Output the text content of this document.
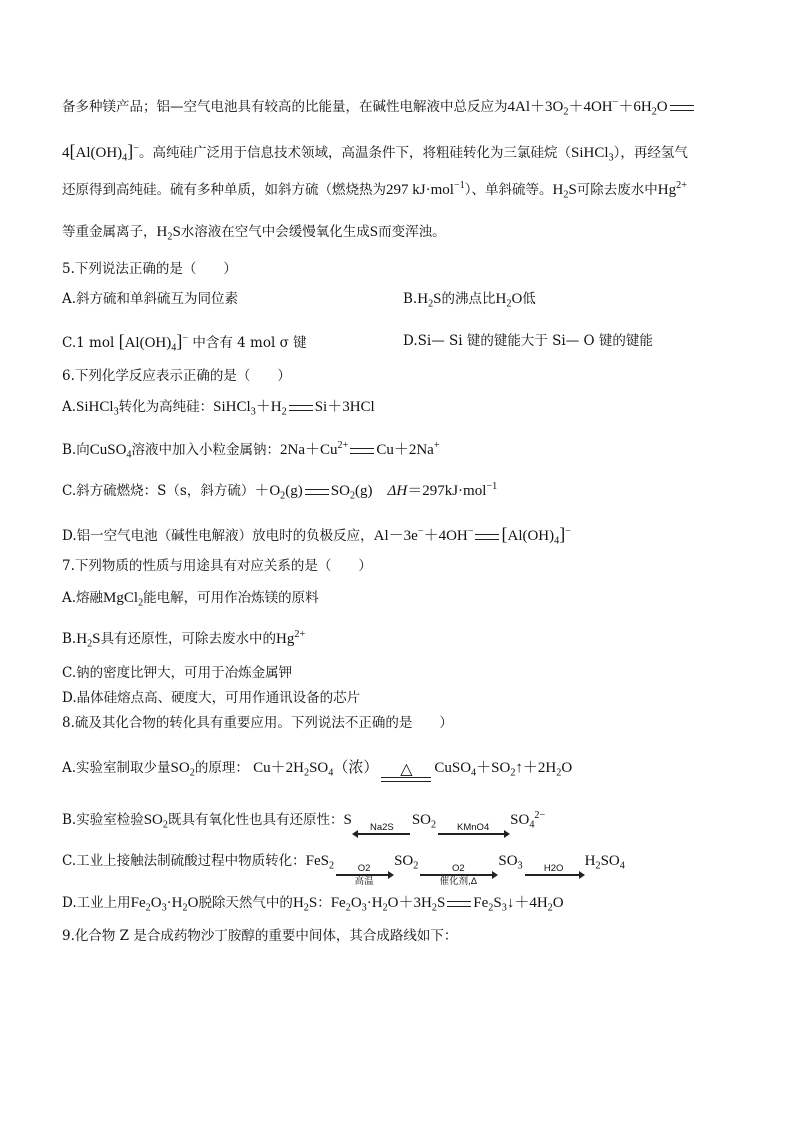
备多种镁产品；铝—空气电池具有较高的比能量，在碱性电解液中总反应为$4Al+3O_2+4OH^-+6H_2O$
$4[Al(OH)_4]^-$。高纯硅广泛用于信息技术领域，高温条件下，将粗硅转化为三氯硅烷（SiHCl$_3$），再经氢气
还原得到高纯硅。硫有多种单质，如斜方硫（燃烧热为297 kJ·mol$^{-1}$）、单斜硫等。$H_2S$可除去废水中$Hg^{2+}$
等重金属离子，$H_2S$水溶液在空气中会缓慢氧化生成S而变浑浊。
5.下列说法正确的是（　　）
A.斜方硫和单斜硫互为同位素	$B.H_2S$的沸点比$H_2O$低
C.1 mol $[Al(OH)_4]^-$ 中含有 4 mol σ 键	D.Si— Si 键的键能大于 Si— O 键的键能
6.下列化学反应表示正确的是（　　）
A.SiHCl$_3$转化为高纯硅：$SiHCl_3+H_2$ Si＋3HCl
B.向CuSO$_4$溶液中加入小粒金属钠：$2Na+Cu^{2+}$ Cu＋2Na+
C.斜方硫燃烧：S（s，斜方硫）$+O_2(g)$ $SO_2(g)$    ΔH＝297kJ·mol$^{-1}$
D.铝一空气电池（碱性电解液）放电时的负极反应，Al－3e−＋4OH− $[Al(OH)_4]^-$
7.下列物质的性质与用途具有对应关系的是（　　）
A.熔融MgCl$_2$能电解，可用作冶炼镁的原料
$B.H_2S$具有还原性，可除去废水中的$Hg^{2+}$
C.钠的密度比钾大，可用于冶炼金属钾
D.晶体硅熔点高、硬度大，可用作通讯设备的芯片
8.硫及其化合物的转化具有重要应用。下列说法不正确的是　　）
A.实验室制取少量$SO_2$的原理： $Cu+2H_2SO_4$（浓） △ $CuSO_4+SO_2↑+2H_2O$
B.实验室检验$SO_2$既具有氧化性也具有还原性：S Na2S
$SO_2$ KMnO4
$SO_4^{2-}$
C.工业上接触法制硫酸过程中物质转化：FeS$_2$ O2
高温
$SO_2$	O2
催化剂,Δ
$SO_3$ H2O
$H_2SO_4$
D.工业上用$Fe_2O_3\cdot H_2O$脱除天然气中的$H_2S$：$Fe_2O_3\cdot H_2O+3H_2S$ $Fe_2S_3↓+4H_2O$
9.化合物 Z 是合成药物沙丁胺醇的重要中间体，其合成路线如下：
